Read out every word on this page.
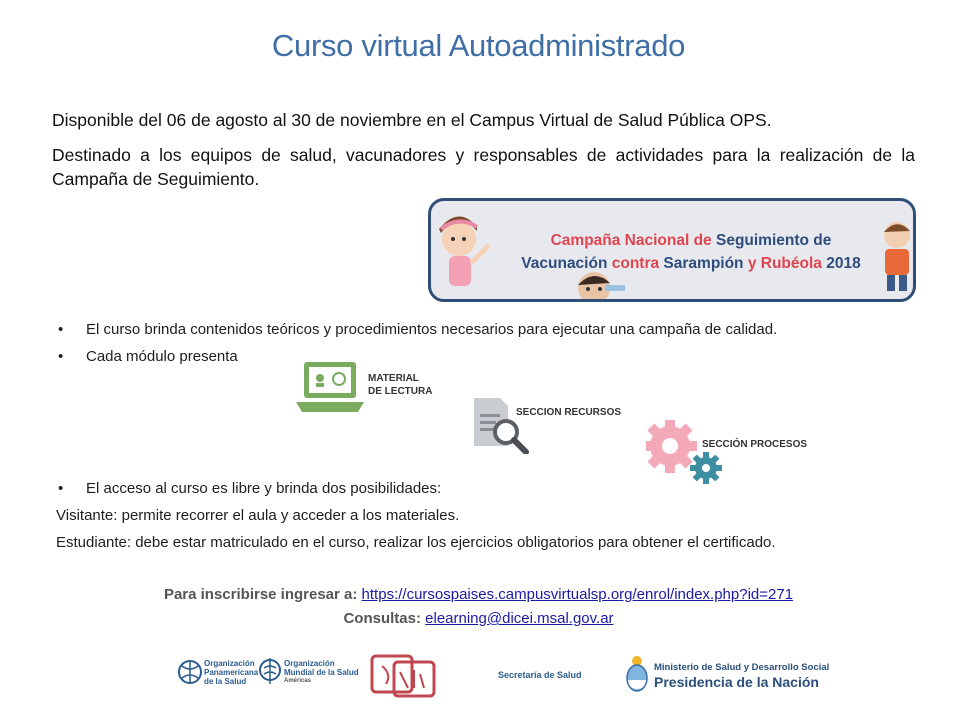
Curso virtual Autoadministrado
Disponible del 06 de agosto al 30 de noviembre en el Campus Virtual de Salud Pública OPS.
Destinado a los equipos de salud, vacunadores y responsables de actividades para la realización de la Campaña de Seguimiento.
Campaña Nacional de Seguimiento de
Vacunación contra Sarampión y Rubéola 2018
• El curso brinda contenidos teóricos y procedimientos necesarios para ejecutar una campaña de calidad.
• Cada módulo presenta
MATERIAL
DE LECTURA
SECCION RECURSOS
SECCIÓN PROCESOS
• El acceso al curso es libre y brinda dos posibilidades:
Visitante: permite recorrer el aula y acceder a los materiales.
Estudiante: debe estar matriculado en el curso, realizar los ejercicios obligatorios para obtener el certificado.
Para inscribirse ingresar a: https://cursospaises.campusvirtualsp.org/enrol/index.php?id=271
Consultas: elearning@dicei.msal.gov.ar
Organización
Panamericana
de la Salud
Organización
Mundial de la Salud
Américas
Secretaría de Salud
Ministerio de Salud y Desarrollo Social
Presidencia de la Nación
